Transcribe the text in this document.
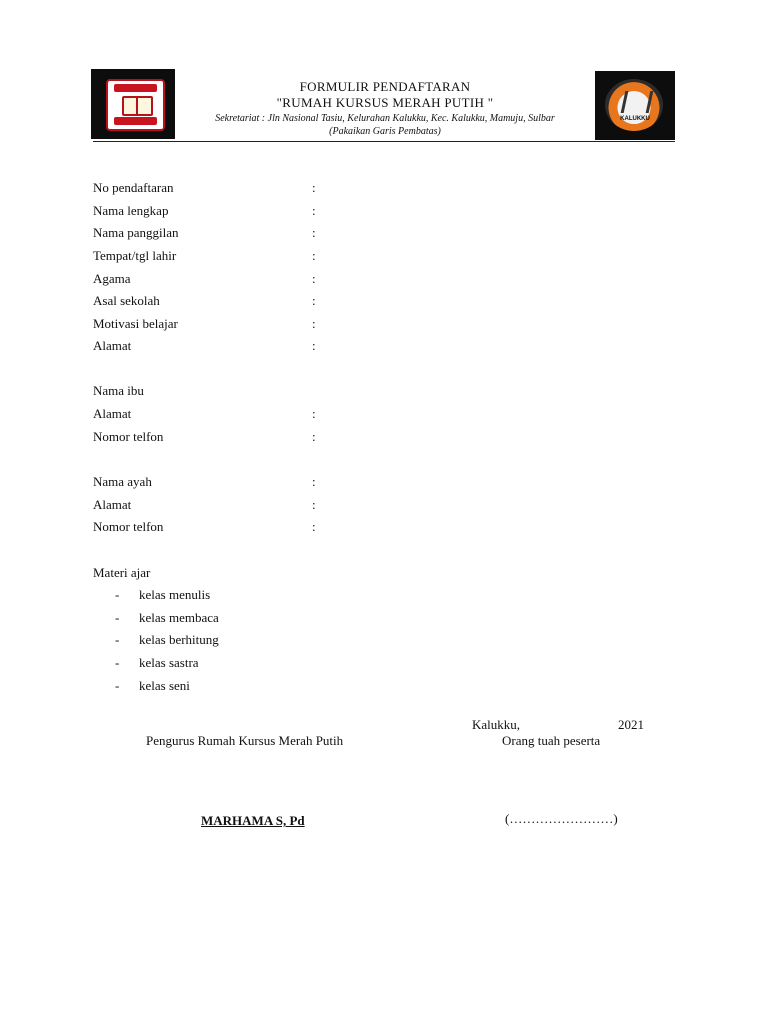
KALUKKU
FORMULIR PENDAFTARAN
"RUMAH KURSUS MERAH PUTIH "
Sekretariat : Jln Nasional Tasiu, Kelurahan Kalukku, Kec. Kalukku, Mamuju, Sulbar
(Pakaikan Garis Pembatas)
No pendaftaran	:
Nama lengkap	:
Nama panggilan	:
Tempat/tgl lahir	:
Agama	:
Asal sekolah	:
Motivasi belajar	:
Alamat	:
Nama ibu
Alamat	:
Nomor telfon	:
Nama ayah	:
Alamat	:
Nomor telfon	:
Materi ajar
- kelas menulis
- kelas membaca
- kelas berhitung
- kelas sastra
- kelas seni
Kalukku,	2021
Pengurus Rumah Kursus Merah Putih	Orang tuah peserta
MARHAMA S, Pd	(……………………)
